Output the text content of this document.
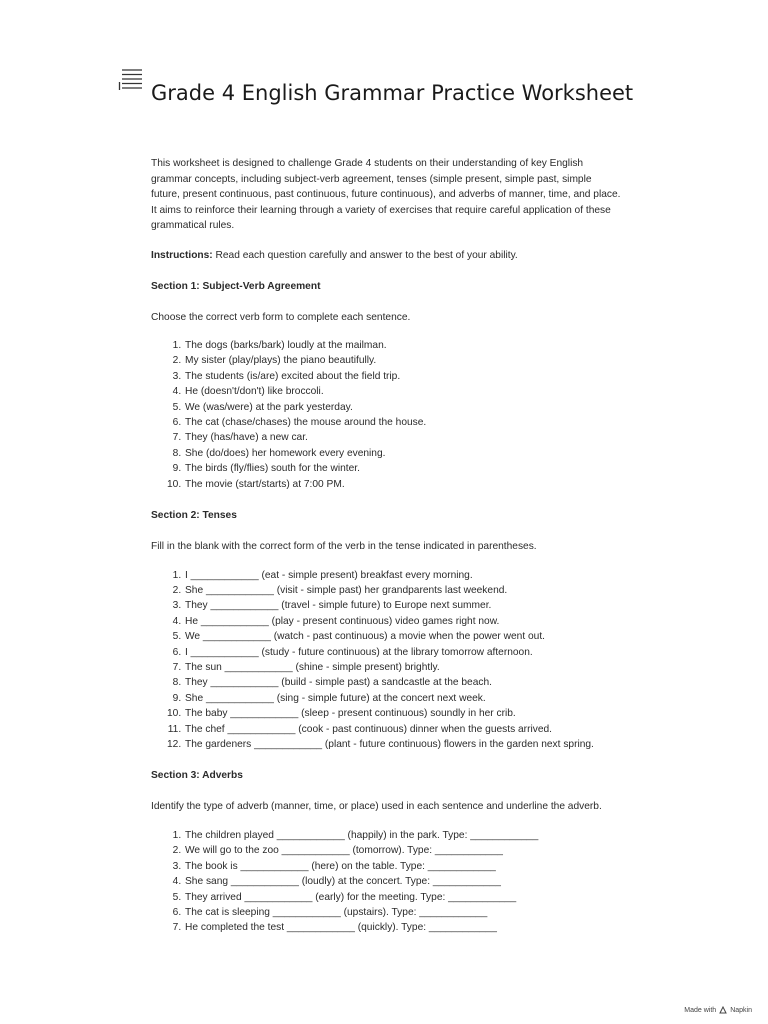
Grade 4 English Grammar Practice Worksheet

This worksheet is designed to challenge Grade 4 students on their understanding of key English grammar concepts, including subject-verb agreement, tenses (simple present, simple past, simple future, present continuous, past continuous, future continuous), and adverbs of manner, time, and place. It aims to reinforce their learning through a variety of exercises that require careful application of these grammatical rules.

Instructions: Read each question carefully and answer to the best of your ability.

Section 1: Subject-Verb Agreement

Choose the correct verb form to complete each sentence.

1. The dogs (barks/bark) loudly at the mailman.
2. My sister (play/plays) the piano beautifully.
3. The students (is/are) excited about the field trip.
4. He (doesn't/don't) like broccoli.
5. We (was/were) at the park yesterday.
6. The cat (chase/chases) the mouse around the house.
7. They (has/have) a new car.
8. She (do/does) her homework every evening.
9. The birds (fly/flies) south for the winter.
10. The movie (start/starts) at 7:00 PM.

Section 2: Tenses

Fill in the blank with the correct form of the verb in the tense indicated in parentheses.

1. I ____________ (eat - simple present) breakfast every morning.
2. She ____________ (visit - simple past) her grandparents last weekend.
3. They ____________ (travel - simple future) to Europe next summer.
4. He ____________ (play - present continuous) video games right now.
5. We ____________ (watch - past continuous) a movie when the power went out.
6. I ____________ (study - future continuous) at the library tomorrow afternoon.
7. The sun ____________ (shine - simple present) brightly.
8. They ____________ (build - simple past) a sandcastle at the beach.
9. She ____________ (sing - simple future) at the concert next week.
10. The baby ____________ (sleep - present continuous) soundly in her crib.
11. The chef ____________ (cook - past continuous) dinner when the guests arrived.
12. The gardeners ____________ (plant - future continuous) flowers in the garden next spring.

Section 3: Adverbs

Identify the type of adverb (manner, time, or place) used in each sentence and underline the adverb.

1. The children played ____________ (happily) in the park. Type: ____________
2. We will go to the zoo ____________ (tomorrow). Type: ____________
3. The book is ____________ (here) on the table. Type: ____________
4. She sang ____________ (loudly) at the concert. Type: ____________
5. They arrived ____________ (early) for the meeting. Type: ____________
6. The cat is sleeping ____________ (upstairs). Type: ____________
7. He completed the test ____________ (quickly). Type: ____________
Made with Napkin
